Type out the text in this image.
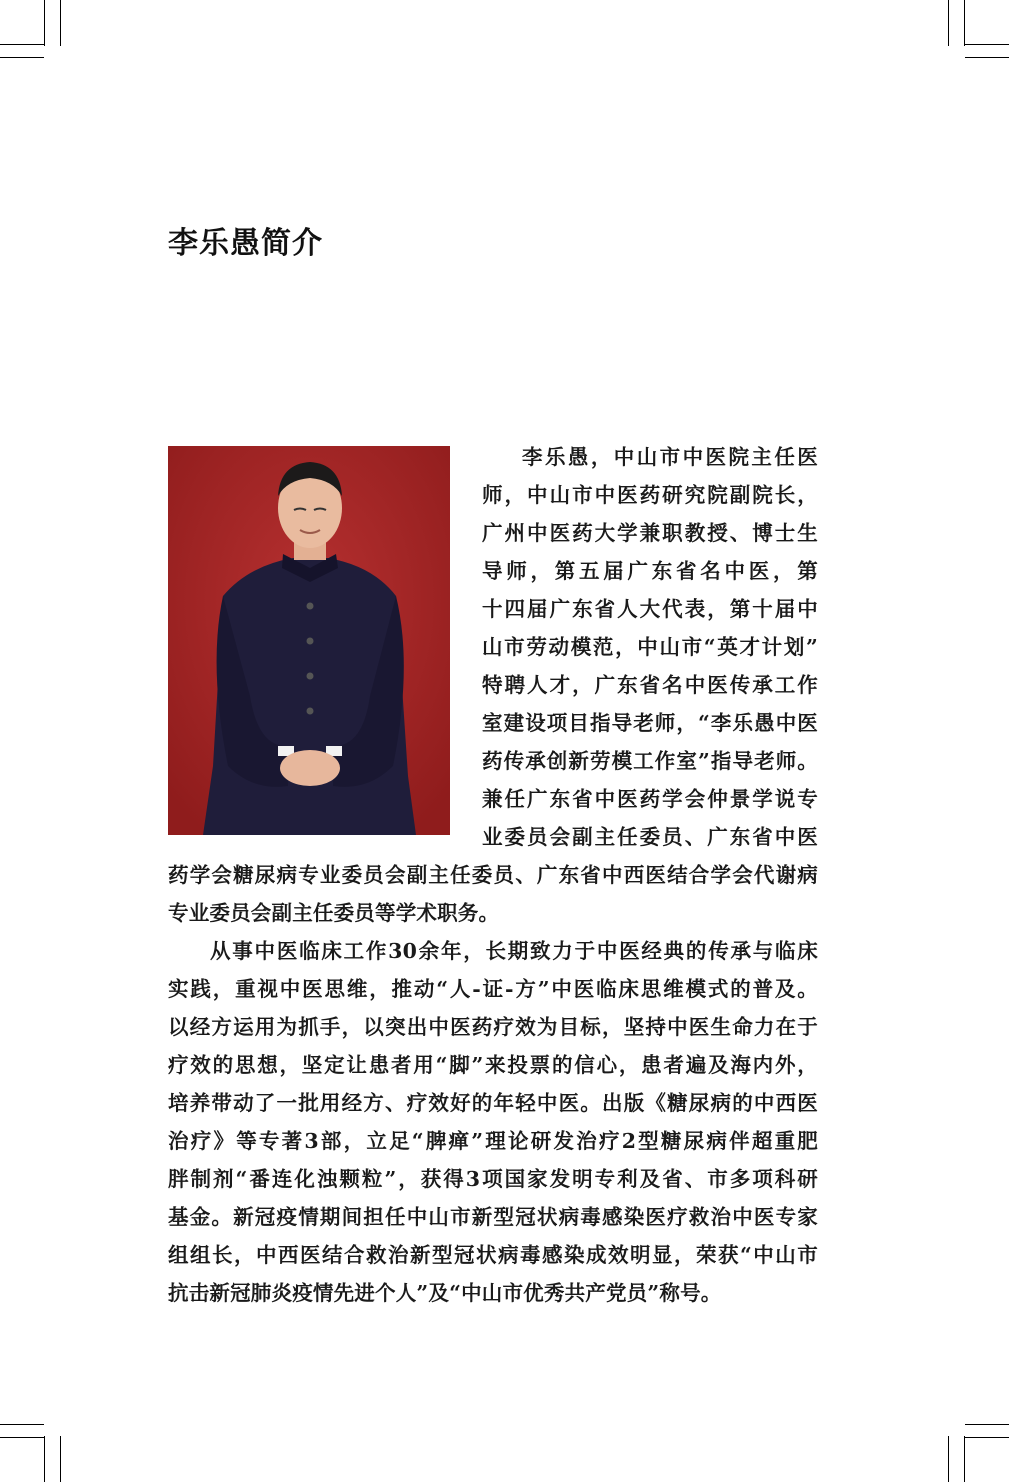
李乐愚简介
李乐愚，中山市中医院主任医
师，中山市中医药研究院副院长，
广州中医药大学兼职教授、博士生
导师，第五届广东省名中医，第
十四届广东省人大代表，第十届中
山市劳动模范，中山市“英才计划”
特聘人才，广东省名中医传承工作
室建设项目指导老师，“李乐愚中医
药传承创新劳模工作室”指导老师。
兼任广东省中医药学会仲景学说专
业委员会副主任委员、广东省中医
药学会糖尿病专业委员会副主任委员、广东省中西医结合学会代谢病
专业委员会副主任委员等学术职务。
从事中医临床工作30余年，长期致力于中医经典的传承与临床
实践，重视中医思维，推动“人-证-方”中医临床思维模式的普及。
以经方运用为抓手，以突出中医药疗效为目标，坚持中医生命力在于
疗效的思想，坚定让患者用“脚”来投票的信心，患者遍及海内外，
培养带动了一批用经方、疗效好的年轻中医。出版《糖尿病的中西医
治疗》等专著3部，立足“脾瘅”理论研发治疗2型糖尿病伴超重肥
胖制剂“番连化浊颗粒”，获得3项国家发明专利及省、市多项科研
基金。新冠疫情期间担任中山市新型冠状病毒感染医疗救治中医专家
组组长，中西医结合救治新型冠状病毒感染成效明显，荣获“中山市
抗击新冠肺炎疫情先进个人”及“中山市优秀共产党员”称号。
